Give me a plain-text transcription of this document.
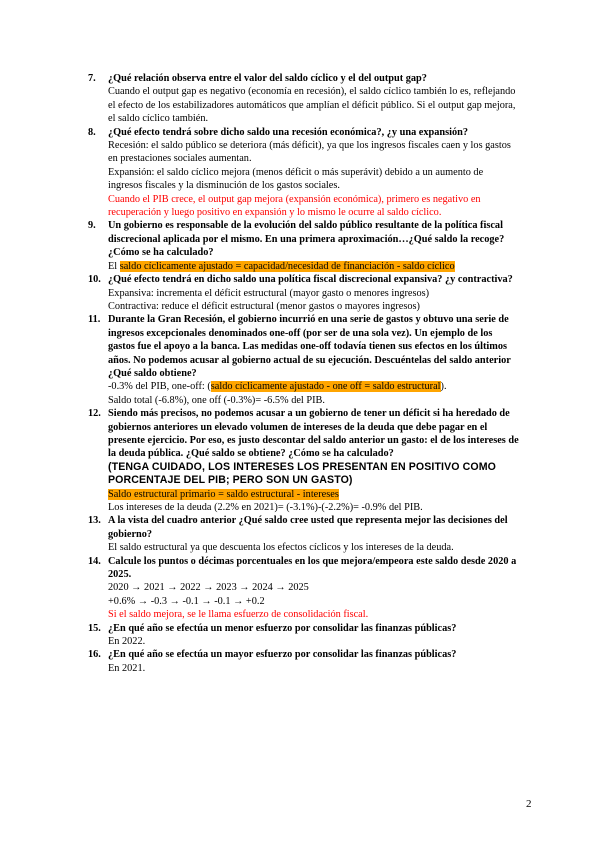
7. ¿Qué relación observa entre el valor del saldo cíclico y el del output gap?
Cuando el output gap es negativo (economía en recesión), el saldo cíclico también lo es, reflejando el efecto de los estabilizadores automáticos que amplían el déficit público. Si el output gap mejora, el saldo cíclico también.
8. ¿Qué efecto tendrá sobre dicho saldo una recesión económica?, ¿y una expansión?
Recesión: el saldo público se deteriora (más déficit), ya que los ingresos fiscales caen y los gastos en prestaciones sociales aumentan.
Expansión: el saldo cíclico mejora (menos déficit o más superávit) debido a un aumento de ingresos fiscales y la disminución de los gastos sociales.
Cuando el PIB crece, el output gap mejora (expansión económica), primero es negativo en recuperación y luego positivo en expansión y lo mismo le ocurre al saldo cíclico.
9. Un gobierno es responsable de la evolución del saldo público resultante de la política fiscal discrecional aplicada por el mismo. En una primera aproximación…¿Qué saldo la recoge? ¿Cómo se ha calculado?
El saldo cíclicamente ajustado = capacidad/necesidad de financiación - saldo cíclico
10. ¿Qué efecto tendrá en dicho saldo una política fiscal discrecional expansiva? ¿y contractiva?
Expansiva: incrementa el déficit estructural (mayor gasto o menores ingresos)
Contractiva: reduce el déficit estructural (menor gastos o mayores ingresos)
11. Durante la Gran Recesión, el gobierno incurrió en una serie de gastos y obtuvo una serie de ingresos excepcionales denominados one-off (por ser de una sola vez). Un ejemplo de los gastos fue el apoyo a la banca. Las medidas one-off todavía tienen sus efectos en los últimos años. No podemos acusar al gobierno actual de su ejecución. Descuéntelas del saldo anterior ¿Qué saldo obtiene?
-0.3% del PIB, one-off: (saldo cíclicamente ajustado - one off = saldo estructural).
Saldo total (-6.8%), one off (-0.3%)= -6.5% del PIB.
12. Siendo más precisos, no podemos acusar a un gobierno de tener un déficit si ha heredado de gobiernos anteriores un elevado volumen de intereses de la deuda que debe pagar en el presente ejercicio. Por eso, es justo descontar del saldo anterior un gasto: el de los intereses de la deuda pública. ¿Qué saldo se obtiene? ¿Cómo se ha calculado?
(TENGA CUIDADO, LOS INTERESES LOS PRESENTAN EN POSITIVO COMO PORCENTAJE DEL PIB; PERO SON UN GASTO)
Saldo estructural primario = saldo estructural - intereses
Los intereses de la deuda (2.2% en 2021)= (-3.1%)-(-2.2%)= -0.9% del PIB.
13. A la vista del cuadro anterior ¿Qué saldo cree usted que representa mejor las decisiones del gobierno?
El saldo estructural ya que descuenta los efectos cíclicos y los intereses de la deuda.
14. Calcule los puntos o décimas porcentuales en los que mejora/empeora este saldo desde 2020 a 2025.
2020 → 2021 → 2022 → 2023 → 2024 → 2025
+0.6% → -0.3 → -0.1 → -0.1 → +0.2
Si el saldo mejora, se le llama esfuerzo de consolidación fiscal.
15. ¿En qué año se efectúa un menor esfuerzo por consolidar las finanzas públicas?
En 2022.
16. ¿En qué año se efectúa un mayor esfuerzo por consolidar las finanzas públicas?
En 2021.
2
